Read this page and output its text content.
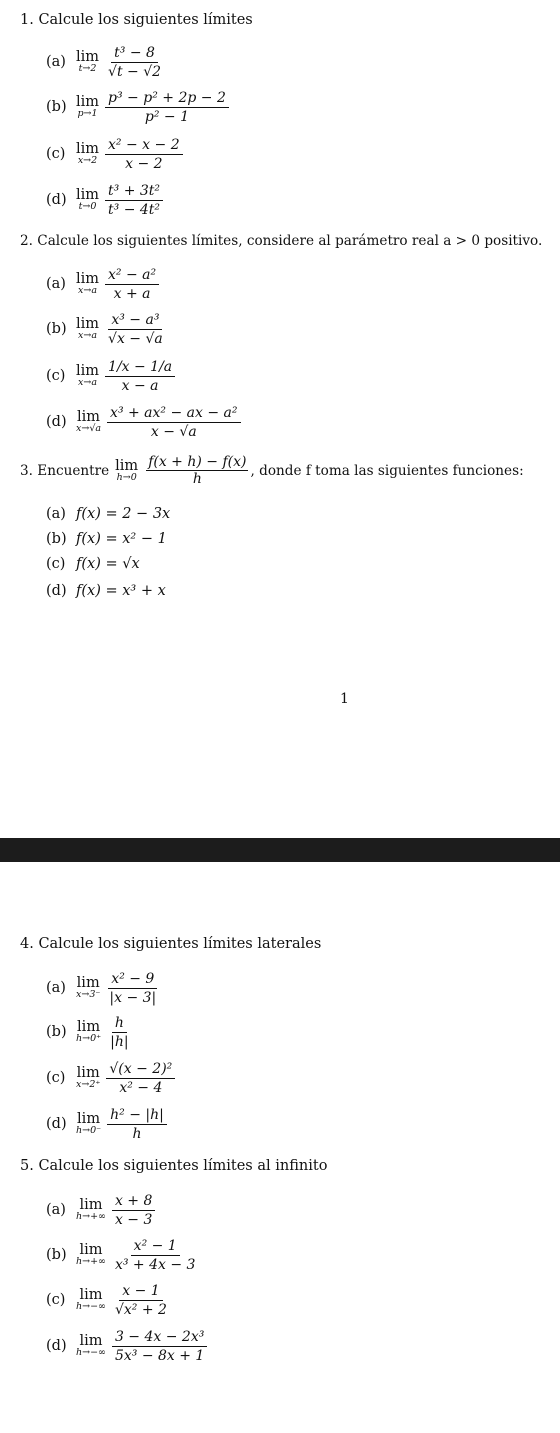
1. Calcule los siguientes límites
(a) lim
$t\to 2 \frac{\text{t³ − 8}}{√t - √2}$
(b) lim
$p\to 1 \frac{\text{p³ − p² + 2p − 2}}{\text{p² − 1}}$
(c) lim
$x\to 2 \frac{\text{x² − x − 2}}{x - 2}$
(d) lim
$t\to 0 \frac{\text{t³ + 3t²}}{\text{t³ − 4t²}}$
2. Calcule los siguientes límites, considere al parámetro real a > 0 positivo.
(a) lim
$x\to a \frac{\text{x² − a²}}{x + a}$
(b) lim
$x\to a \frac{\text{x³ − a³}}{√x - √a}$
(c) lim
$x\to a \frac{1/x - 1/a}{x - a}$
(d) lim
$x\to√a \frac{\text{x³ + ax² − ax − a²}}{x - √a}$
3. Encuentre lim
$h\to 0 \frac{f(x + h) - f(x)}{h}$ , donde f toma las siguientes funciones:
(a) f(x) = 2 − 3x
(b) f(x) = x² − 1
(c) f(x) = √x
(d) f(x) = x³ + x
1
4. Calcule los siguientes límites laterales
(a) lim
$x\to 3^- \frac{\text{x² − 9}}{|x - 3|}$
(b) lim
$h\to 0^+ \frac{h}{|h|}$
(c) lim
$x\to 2^+ \frac{\text{√(x − 2)²}}{\text{x² − 4}}$
(d) lim
$h\to 0^- \frac{\text{h² − |h|}}{h}$
5. Calcule los siguientes límites al infinito
(a) lim
$h\to+\infty \frac{x + 8}{x - 3}$
(b) lim
$h\to+\infty \frac{\text{x² − 1}}{\text{x³ + 4x − 3}}$
(c) lim
$h\to-\infty \frac{x - 1}{\text{√x² + 2}}$
(d) lim
$h\to-\infty \frac{\text{3 − 4x − 2x³}}{\text{5x³ − 8x + 1}}$
